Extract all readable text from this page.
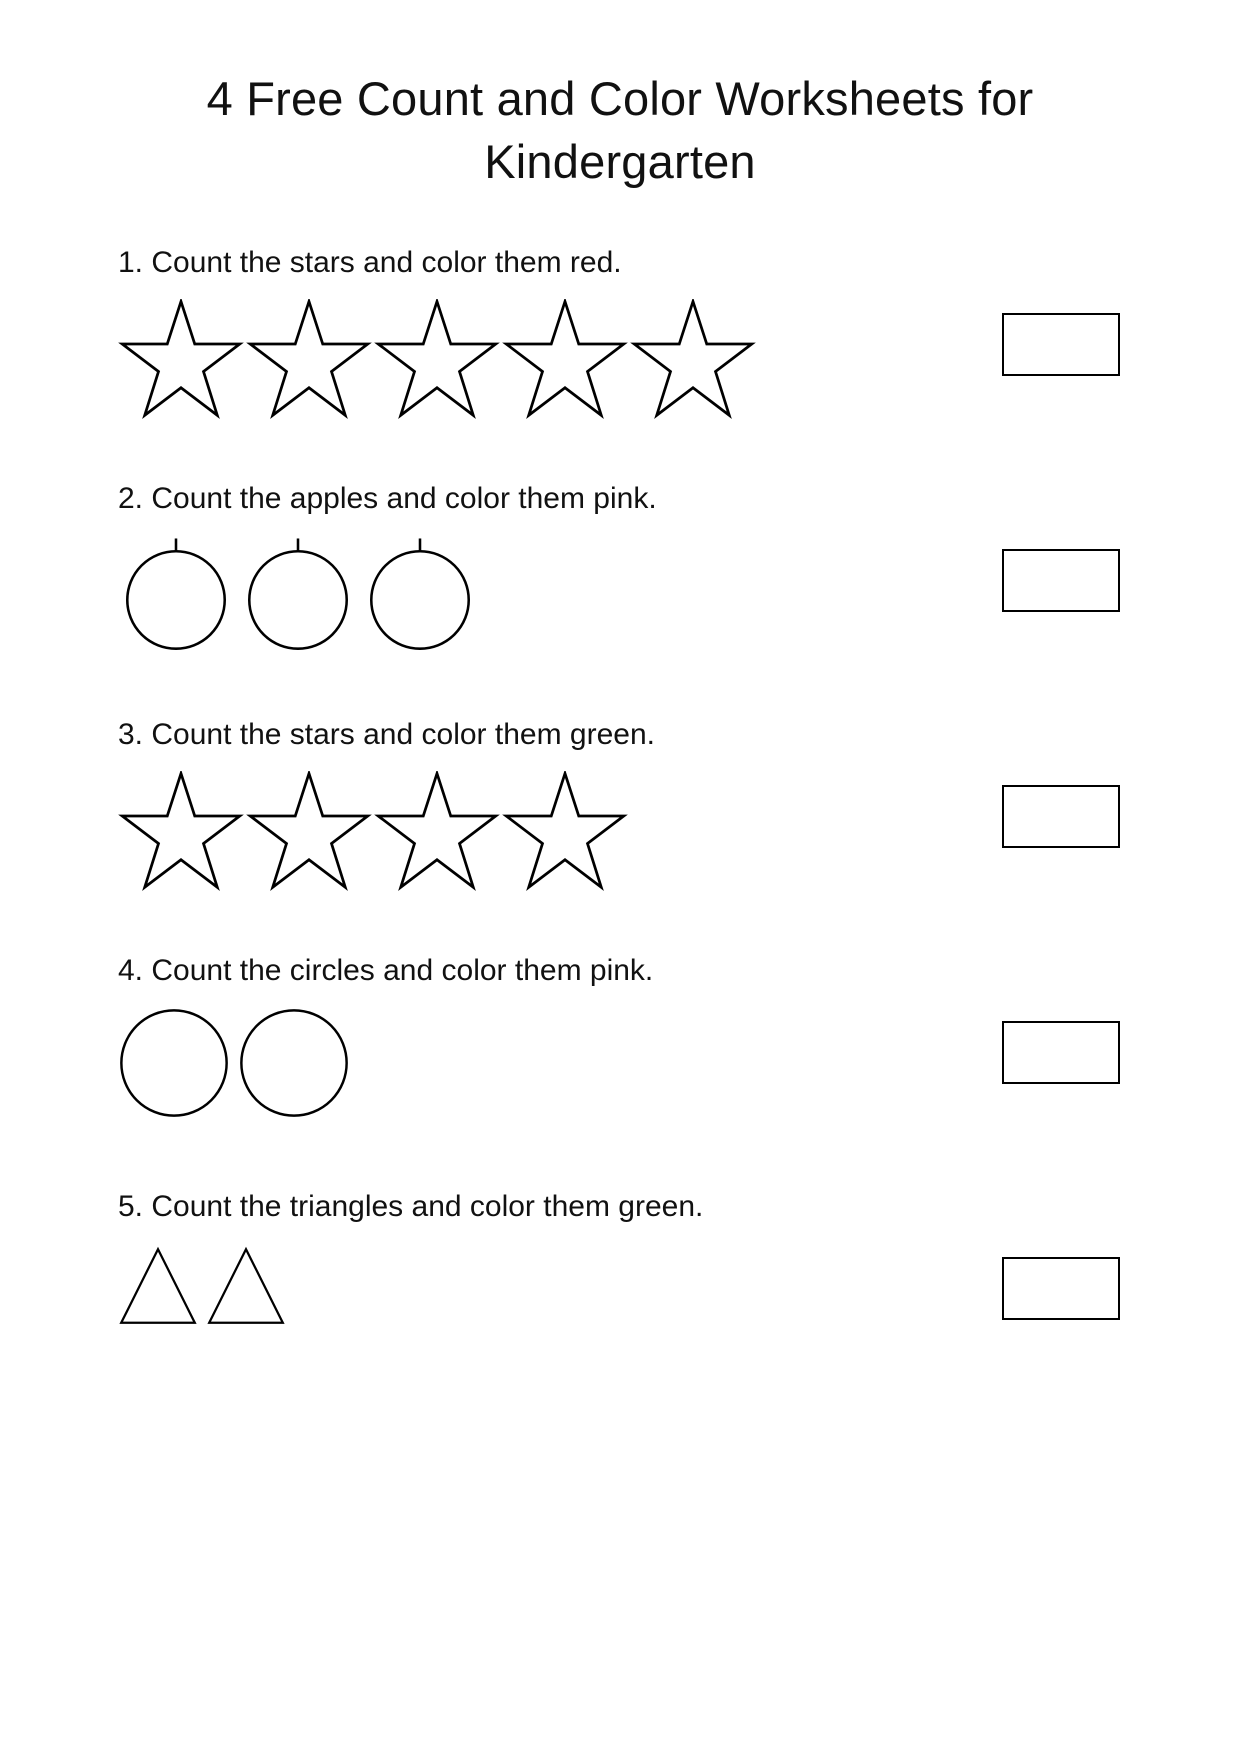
4 Free Count and Color Worksheets for Kindergarten

1. Count the stars and color them red.

2. Count the apples and color them pink.

3. Count the stars and color them green.

4. Count the circles and color them pink.

5. Count the triangles and color them green.
